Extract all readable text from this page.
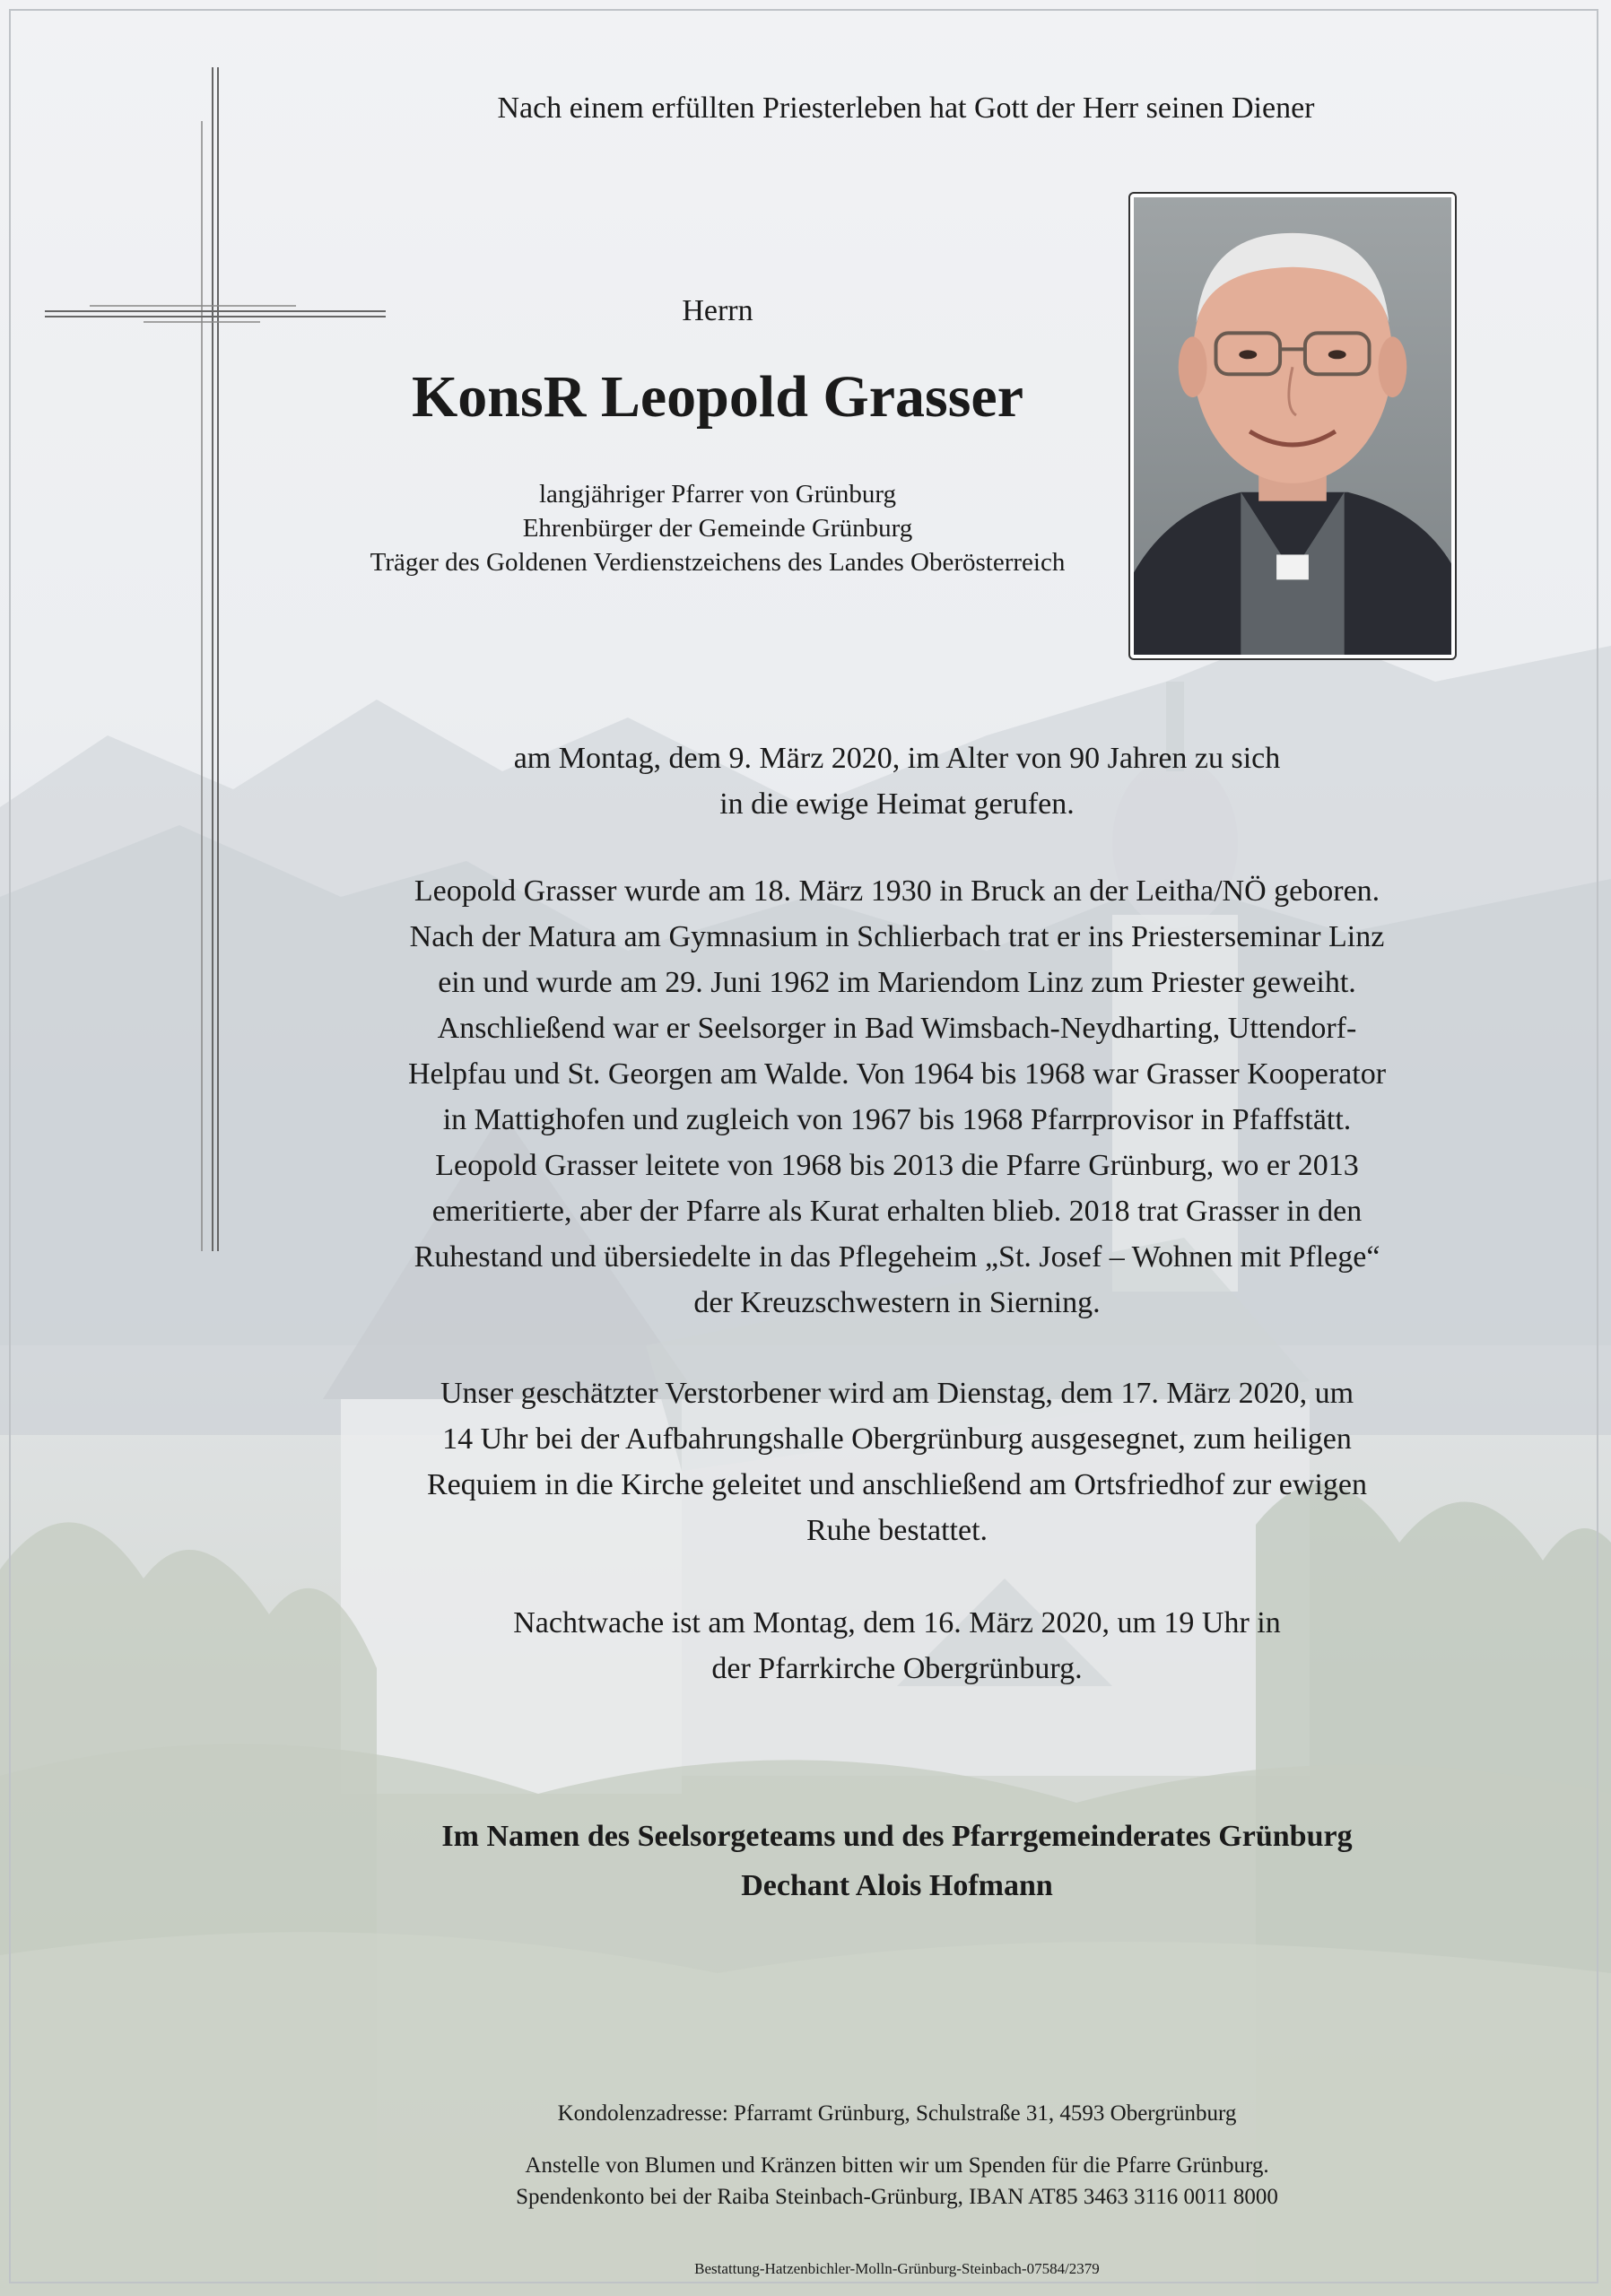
Nach einem erfüllten Priesterleben hat Gott der Herr seinen Diener
Herrn
KonsR Leopold Grasser
langjähriger Pfarrer von Grünburg
Ehrenbürger der Gemeinde Grünburg
Träger des Goldenen Verdienstzeichens des Landes Oberösterreich
am Montag, dem 9. März 2020, im Alter von 90 Jahren zu sich
in die ewige Heimat gerufen.
Leopold Grasser wurde am 18. März 1930 in Bruck an der Leitha/NÖ geboren.
Nach der Matura am Gymnasium in Schlierbach trat er ins Priesterseminar Linz
ein und wurde am 29. Juni 1962 im Mariendom Linz zum Priester geweiht.
Anschließend war er Seelsorger in Bad Wimsbach-Neydharting, Uttendorf-
Helpfau und St. Georgen am Walde. Von 1964 bis 1968 war Grasser Kooperator
in Mattighofen und zugleich von 1967 bis 1968 Pfarrprovisor in Pfaffstätt.
Leopold Grasser leitete von 1968 bis 2013 die Pfarre Grünburg, wo er 2013
emeritierte, aber der Pfarre als Kurat erhalten blieb. 2018 trat Grasser in den
Ruhestand und übersiedelte in das Pflegeheim „St. Josef – Wohnen mit Pflege“
der Kreuzschwestern in Sierning.
Unser geschätzter Verstorbener wird am Dienstag, dem 17. März 2020, um
14 Uhr bei der Aufbahrungshalle Obergrünburg ausgesegnet, zum heiligen
Requiem in die Kirche geleitet und anschließend am Ortsfriedhof zur ewigen
Ruhe bestattet.
Nachtwache ist am Montag, dem 16. März 2020, um 19 Uhr in
der Pfarrkirche Obergrünburg.
Im Namen des Seelsorgeteams und des Pfarrgemeinderates Grünburg
Dechant Alois Hofmann
Kondolenzadresse: Pfarramt Grünburg, Schulstraße 31, 4593 Obergrünburg
Anstelle von Blumen und Kränzen bitten wir um Spenden für die Pfarre Grünburg.
Spendenkonto bei der Raiba Steinbach-Grünburg, IBAN AT85 3463 3116 0011 8000
Bestattung-Hatzenbichler-Molln-Grünburg-Steinbach-07584/2379
